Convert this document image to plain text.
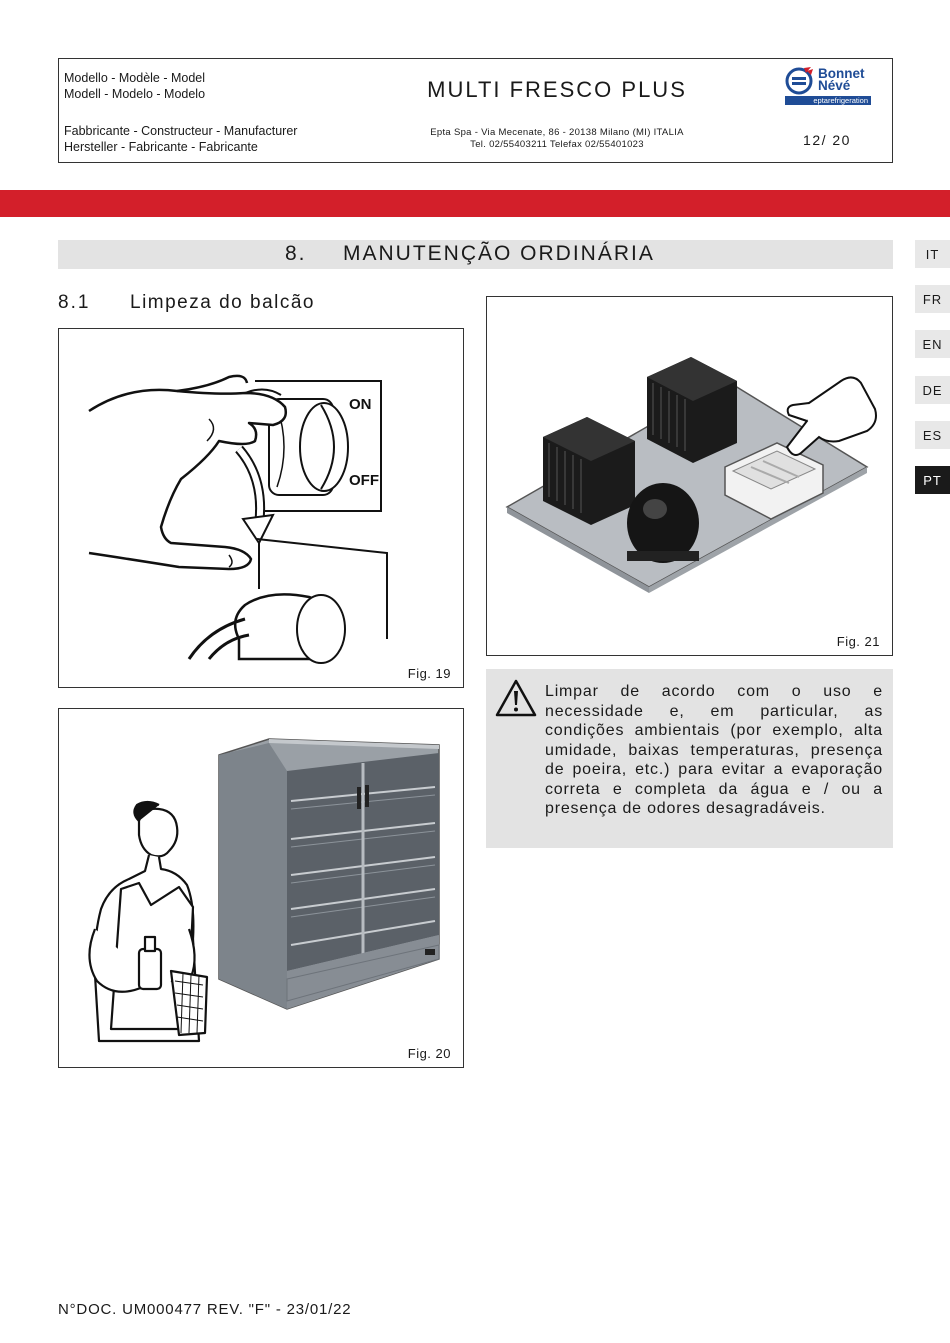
Modello - Modèle - Model
Modell - Modelo - Modelo	MULTI FRESCO PLUS
Bonnet
Névé
eptarefrigeration
Fabbricante - Constructeur - Manufacturer
Hersteller - Fabricante - Fabricante
Epta Spa - Via Mecenate, 86 - 20138 Milano (MI) ITALIA
Tel. 02/55403211 Telefax 02/55401023	12/ 20
8. MANUTENÇÃO ORDINÁRIA
8.1 Limpeza do balcão
IT
FR
EN
DE
ES
PT
ON
OFF
Fig. 19
Fig. 20
Fig. 21
Limpar de acordo com o uso e necessidade e, em particular, as condições ambientais (por exemplo, alta umidade, baixas temperaturas, presença de poeira, etc.) para evitar a evaporação correta e completa da água e / ou a presença de odores desagradáveis.
N°DOC. UM000477 REV. "F" - 23/01/22
